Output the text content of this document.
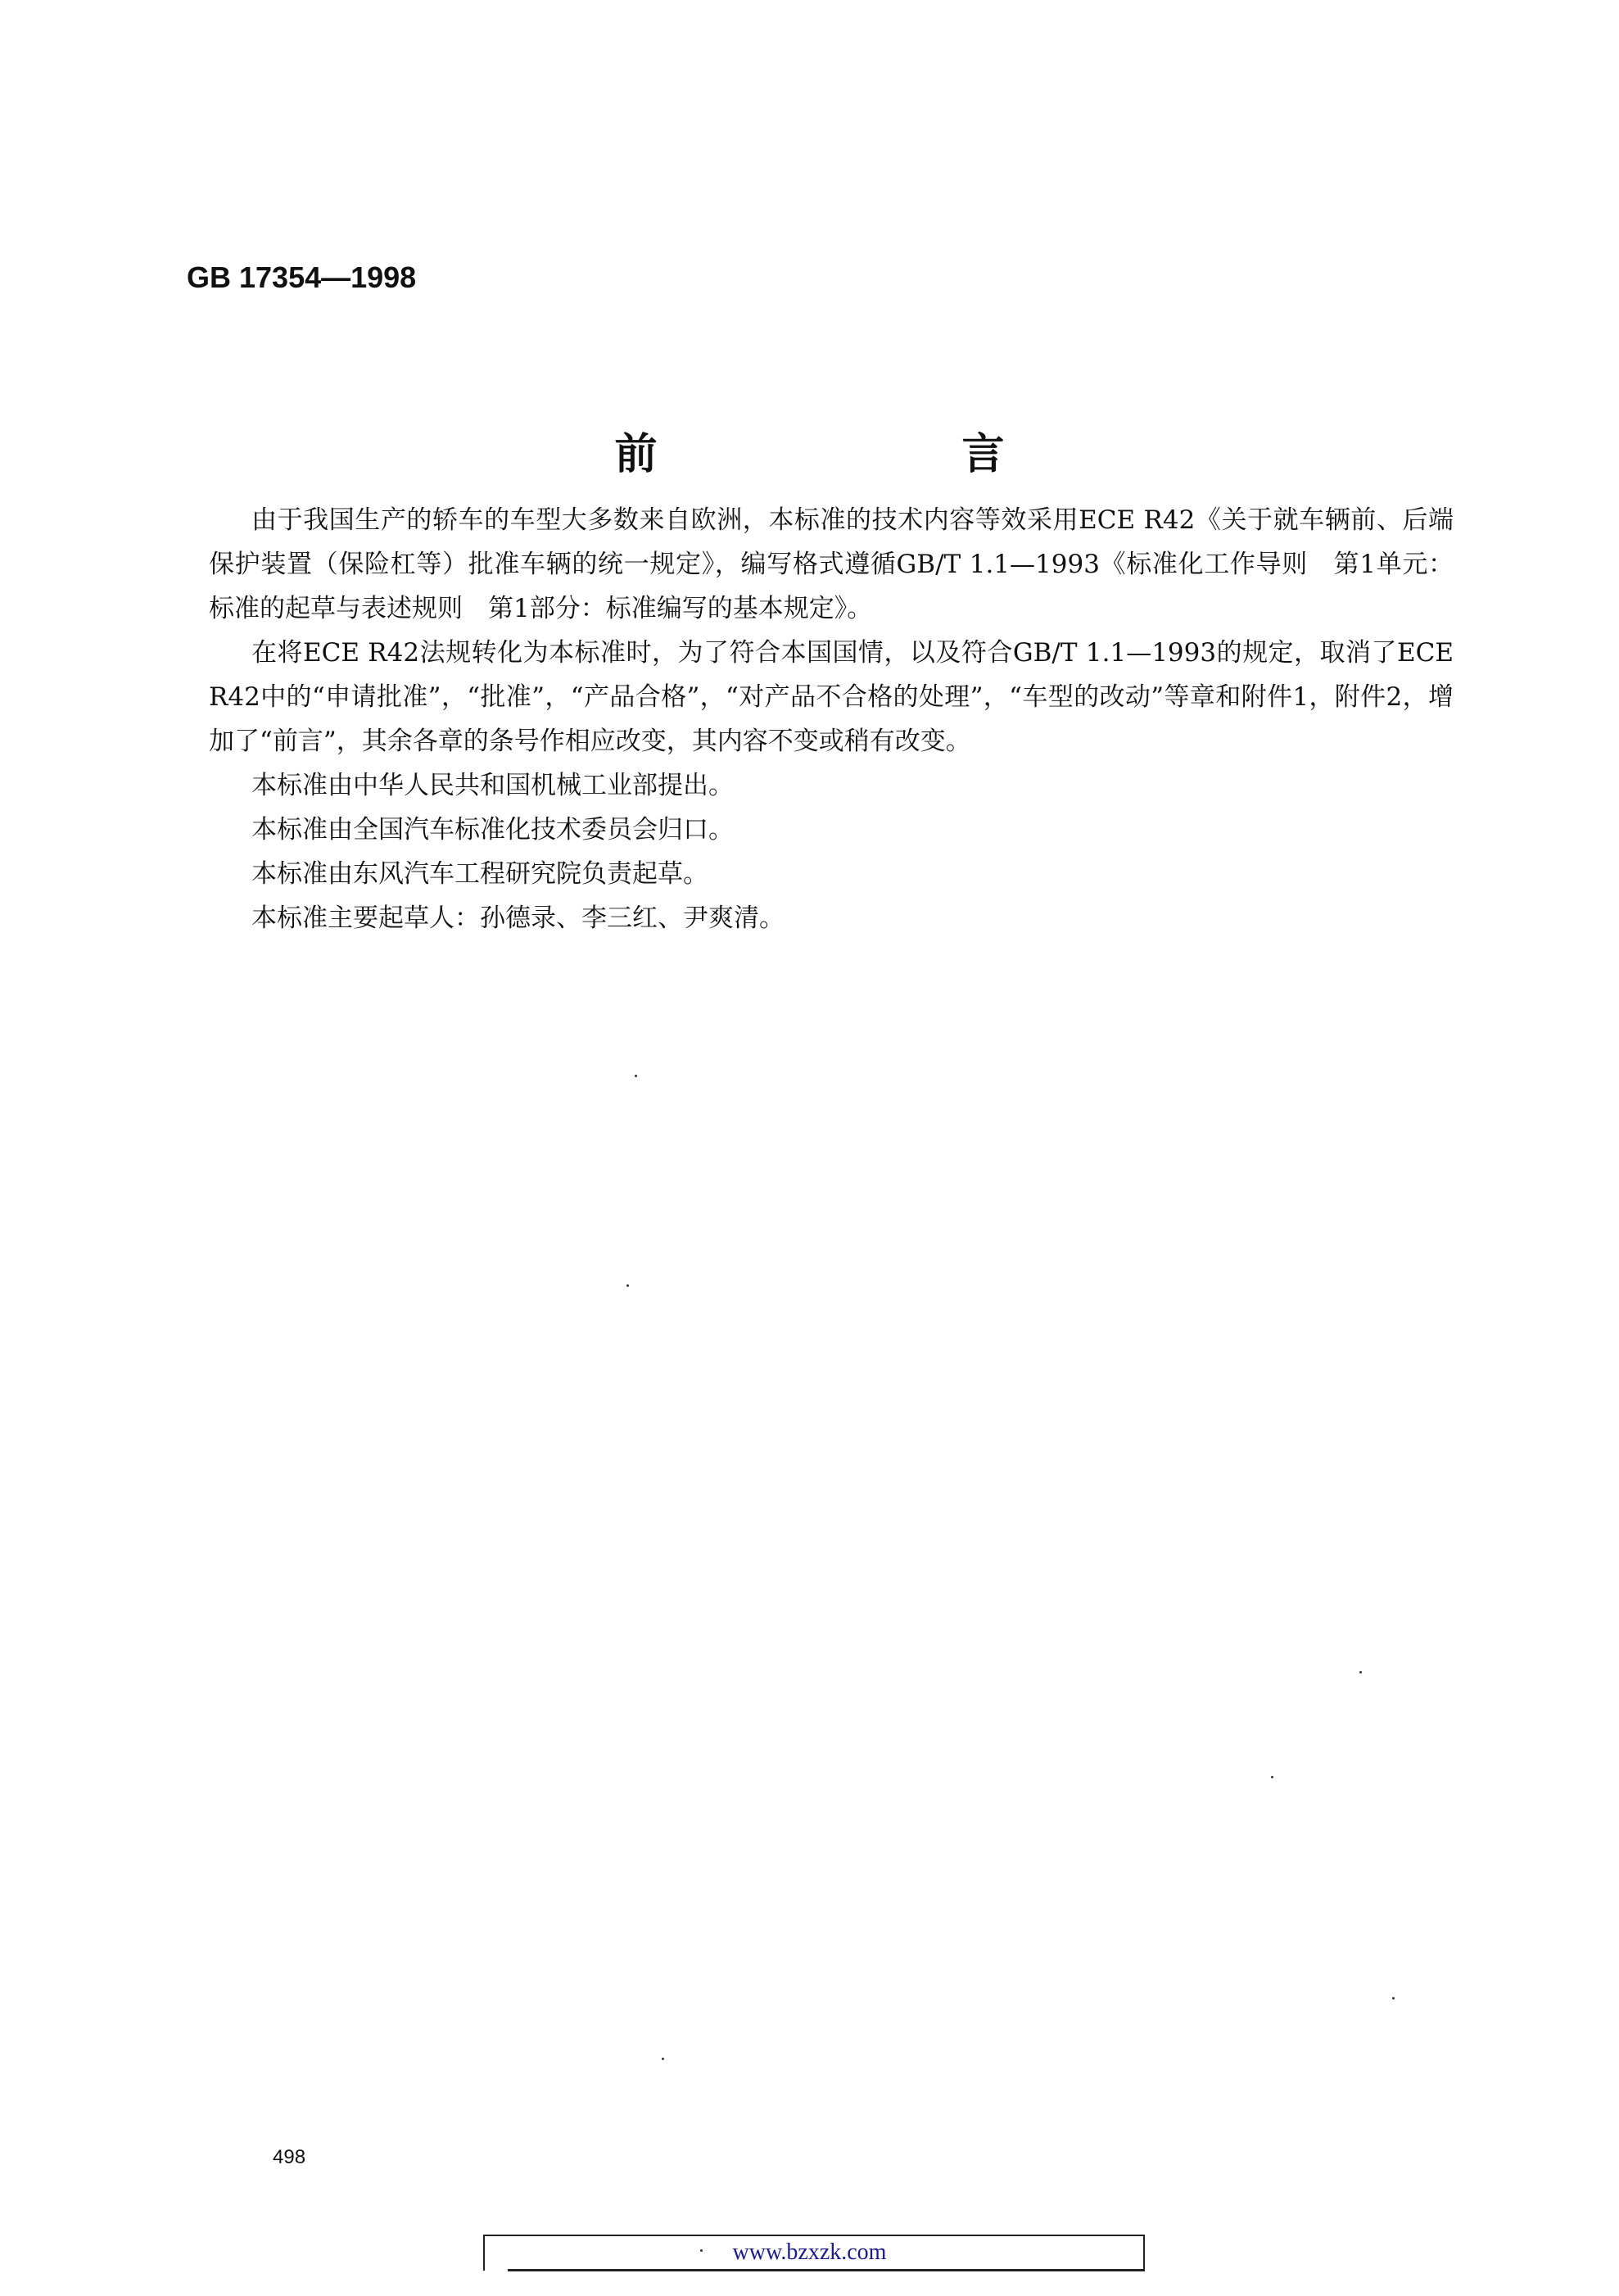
GB 17354—1998
前　言

由于我国生产的轿车的车型大多数来自欧洲，本标准的技术内容等效采用ECE R42《关于就车辆前、后端保护装置（保险杠等）批准车辆的统一规定》，编写格式遵循GB/T 1.1—1993《标准化工作导则　第1单元：标准的起草与表述规则　第1部分：标准编写的基本规定》。

在将ECE R42法规转化为本标准时，为了符合本国国情，以及符合GB/T 1.1—1993的规定，取消了ECE R42中的“申请批准”，“批准”，“产品合格”，“对产品不合格的处理”，“车型的改动”等章和附件1，附件2，增加了“前言”，其余各章的条号作相应改变，其内容不变或稍有改变。

本标准由中华人民共和国机械工业部提出。

本标准由全国汽车标准化技术委员会归口。

本标准由东风汽车工程研究院负责起草。

本标准主要起草人：孙德录、李三红、尹爽清。

498
www.bzxzk.com
